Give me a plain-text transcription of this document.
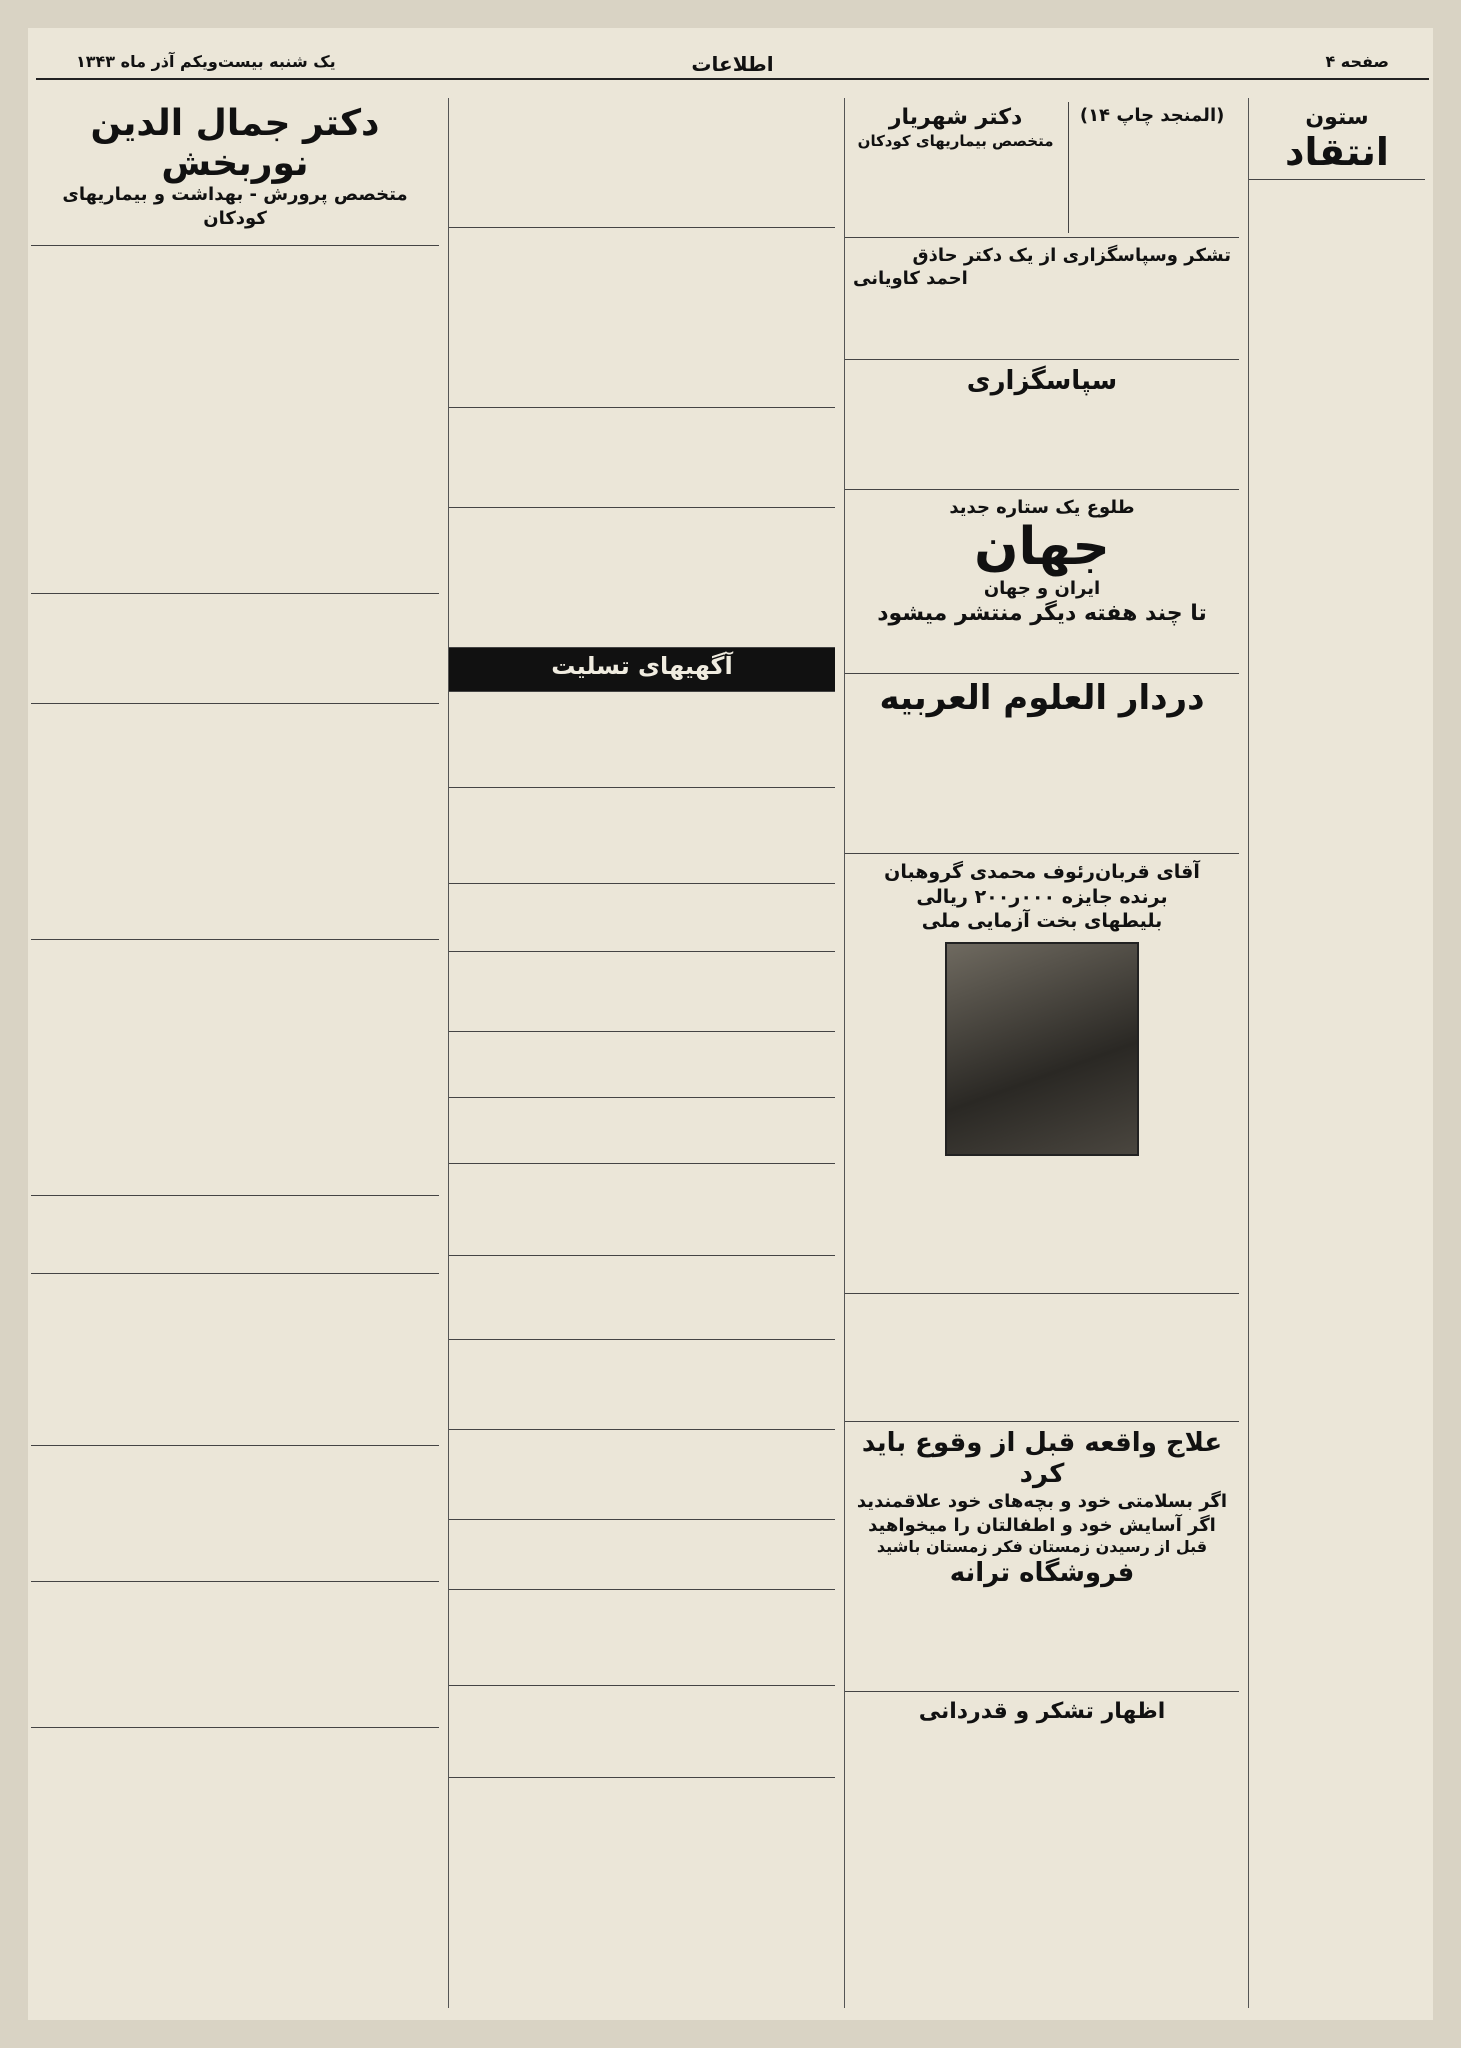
صفحه ۴
اطلاعات
یک شنبه بیست‌ویکم آذر ماه ۱۳۴۳
ستون
انتقاد

(المنجد چاپ ۱۴)
دکتر شهریار
متخصص بیماریهای کودکان
تشکر وسپاسگزاری از یک دکتر حاذق
احمد کاویانی
سپاسگزاری
طلوع یک ستاره جدید
جهان
ایران و جهان
تا چند هفته دیگر منتشر میشود
دردار العلوم العربیه
آقای قربان‌رئوف محمدی گروهبان
برنده جایزه ۰۰۰ر۲۰۰ ریالی
بلیطهای بخت آزمایی ملی
علاج واقعه قبل از وقوع باید کرد
اگر بسلامتی خود و بچه‌های خود علاقمندید
اگر آسایش خود و اطفالتان را میخواهید
قبل از رسیدن زمستان فکر زمستان باشید
فروشگاه ترانه
اظهار تشکر و قدردانی
آگهیهای تسلیت
دکتر جمال الدین نوربخش
متخصص پرورش - بهداشت و بیماریهای کودکان
